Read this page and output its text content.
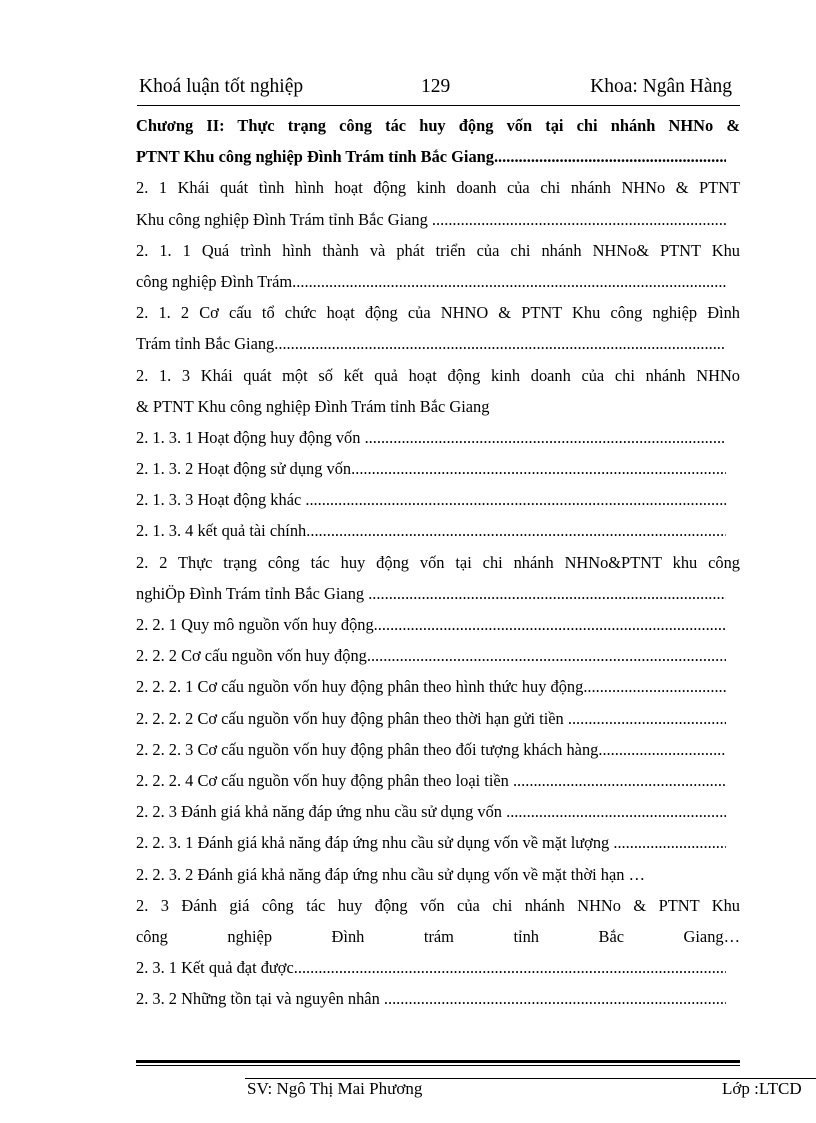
Khoá luận tốt nghiệp	129	Khoa: Ngân Hàng
Chương II: Thực trạng công tác huy động vốn tại chi nhánh NHNo &
PTNT Khu công nghiệp Đình Trám tỉnh Bắc Giang .....
2. 1 Khái quát tình hình hoạt động kinh doanh của chi nhánh NHNo & PTNT
Khu công nghiệp Đình Trám tỉnh Bắc Giang .....
2. 1. 1 Quá trình hình thành và phát triển của chi nhánh NHNo& PTNT Khu
công nghiệp Đình Trám .....
2. 1. 2 Cơ cấu tổ chức hoạt động của NHNO & PTNT Khu công nghiệp Đình
Trám tỉnh Bắc Giang .....
2. 1. 3 Khái quát một số kết quả hoạt động kinh doanh của chi nhánh NHNo
& PTNT Khu công nghiệp Đình Trám tỉnh Bắc Giang
2. 1. 3. 1 Hoạt động huy động vốn .....
2. 1. 3. 2 Hoạt động sử dụng vốn .....
2. 1. 3. 3 Hoạt động khác .....
2. 1. 3. 4 kết quả tài chính .....
2. 2 Thực trạng công tác huy động vốn tại chi nhánh NHNo&PTNT khu công
nghiÖp Đình Trám tỉnh Bắc Giang .....
2. 2. 1 Quy mô nguồn vốn huy động .....
2. 2. 2 Cơ cấu nguồn vốn huy động .....
2. 2. 2. 1 Cơ cấu nguồn vốn huy động phân theo hình thức huy động .....
2. 2. 2. 2 Cơ cấu nguồn vốn huy động phân theo thời hạn gửi tiền .....
2. 2. 2. 3 Cơ cấu nguồn vốn huy động phân theo đối tượng khách hàng .....
2. 2. 2. 4 Cơ cấu nguồn vốn huy động phân theo loại tiền .....
2. 2. 3 Đánh giá khả năng đáp ứng nhu cầu sử dụng vốn .....
2. 2. 3. 1 Đánh giá khả năng đáp ứng nhu cầu sử dụng vốn về mặt lượng .....
2. 2. 3. 2 Đánh giá khả năng đáp ứng nhu cầu sử dụng vốn về mặt thời hạn …
2. 3 Đánh giá công tác huy động vốn của chi nhánh NHNo & PTNT Khu
công nghiệp Đình trám tỉnh Bắc Giang…
2. 3. 1 Kết quả đạt được .....
2. 3. 2 Những tồn tại và nguyên nhân .....
SV: Ngô Thị Mai Phương	Lớp :LTCD
